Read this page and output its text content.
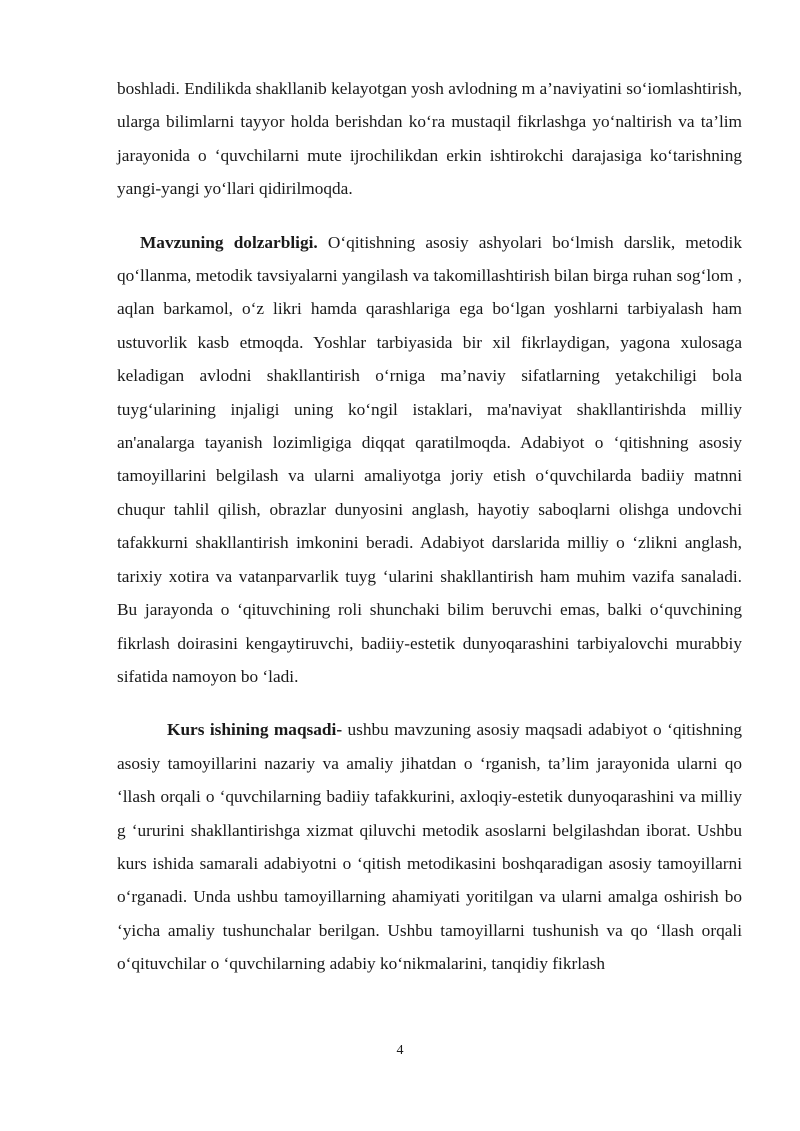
boshladi. Endilikda shakllanib kelayotgan yosh avlodning m a’naviyatini so‘iomlashtirish, ularga bilimlarni tayyor holda berishdan ko‘ra mustaqil fikrlashga yo‘naltirish va ta’lim jarayonida o ‘quvchilarni mute ijrochilikdan erkin ishtirokchi darajasiga ko‘tarishning yangi-yangi yo‘llari qidirilmoqda.

Mavzuning dolzarbligi. O‘qitishning asosiy ashyolari bo‘lmish darslik, metodik qo‘llanma, metodik tavsiyalarni yangilash va takomillashtirish bilan birga ruhan sog‘lom , aqlan barkamol, o‘z likri hamda qarashlariga ega bo‘lgan yoshlarni tarbiyalash ham ustuvorlik kasb etmoqda. Yoshlar tarbiyasida bir xil fikrlaydigan, yagona xulosaga keladigan avlodni shakllantirish o‘rniga ma’naviy sifatlarning yetakchiligi bola tuyg‘ularining injaligi uning ko‘ngil istaklari, ma'naviyat shakllantirishda milliy an'analarga tayanish lozimligiga diqqat qaratilmoqda. Adabiyot o ‘qitishning asosiy tamoyillarini belgilash va ularni amaliyotga joriy etish o‘quvchilarda badiiy matnni chuqur tahlil qilish, obrazlar dunyosini anglash, hayotiy saboqlarni olishga undovchi tafakkurni shakllantirish imkonini beradi. Adabiyot darslarida milliy o ‘zlikni anglash, tarixiy xotira va vatanparvarlik tuyg ‘ularini shakllantirish ham muhim vazifa sanaladi. Bu jarayonda o ‘qituvchining roli shunchaki bilim beruvchi emas, balki o‘quvchining fikrlash doirasini kengaytiruvchi, badiiy-estetik dunyoqarashini tarbiyalovchi murabbiy sifatida namoyon bo ‘ladi.

Kurs ishining maqsadi- ushbu mavzuning asosiy maqsadi adabiyot o ‘qitishning asosiy tamoyillarini nazariy va amaliy jihatdan o ‘rganish, ta’lim jarayonida ularni qo ‘llash orqali o ‘quvchilarning badiiy tafakkurini, axloqiy-estetik dunyoqarashini va milliy g ‘ururini shakllantirishga xizmat qiluvchi metodik asoslarni belgilashdan iborat. Ushbu kurs ishida samarali adabiyotni o ‘qitish metodikasini boshqaradigan asosiy tamoyillarni o‘rganadi. Unda ushbu tamoyillarning ahamiyati yoritilgan va ularni amalga oshirish bo ‘yicha amaliy tushunchalar berilgan. Ushbu tamoyillarni tushunish va qo ‘llash orqali o‘qituvchilar o ‘quvchilarning adabiy ko‘nikmalarini, tanqidiy fikrlash

4
